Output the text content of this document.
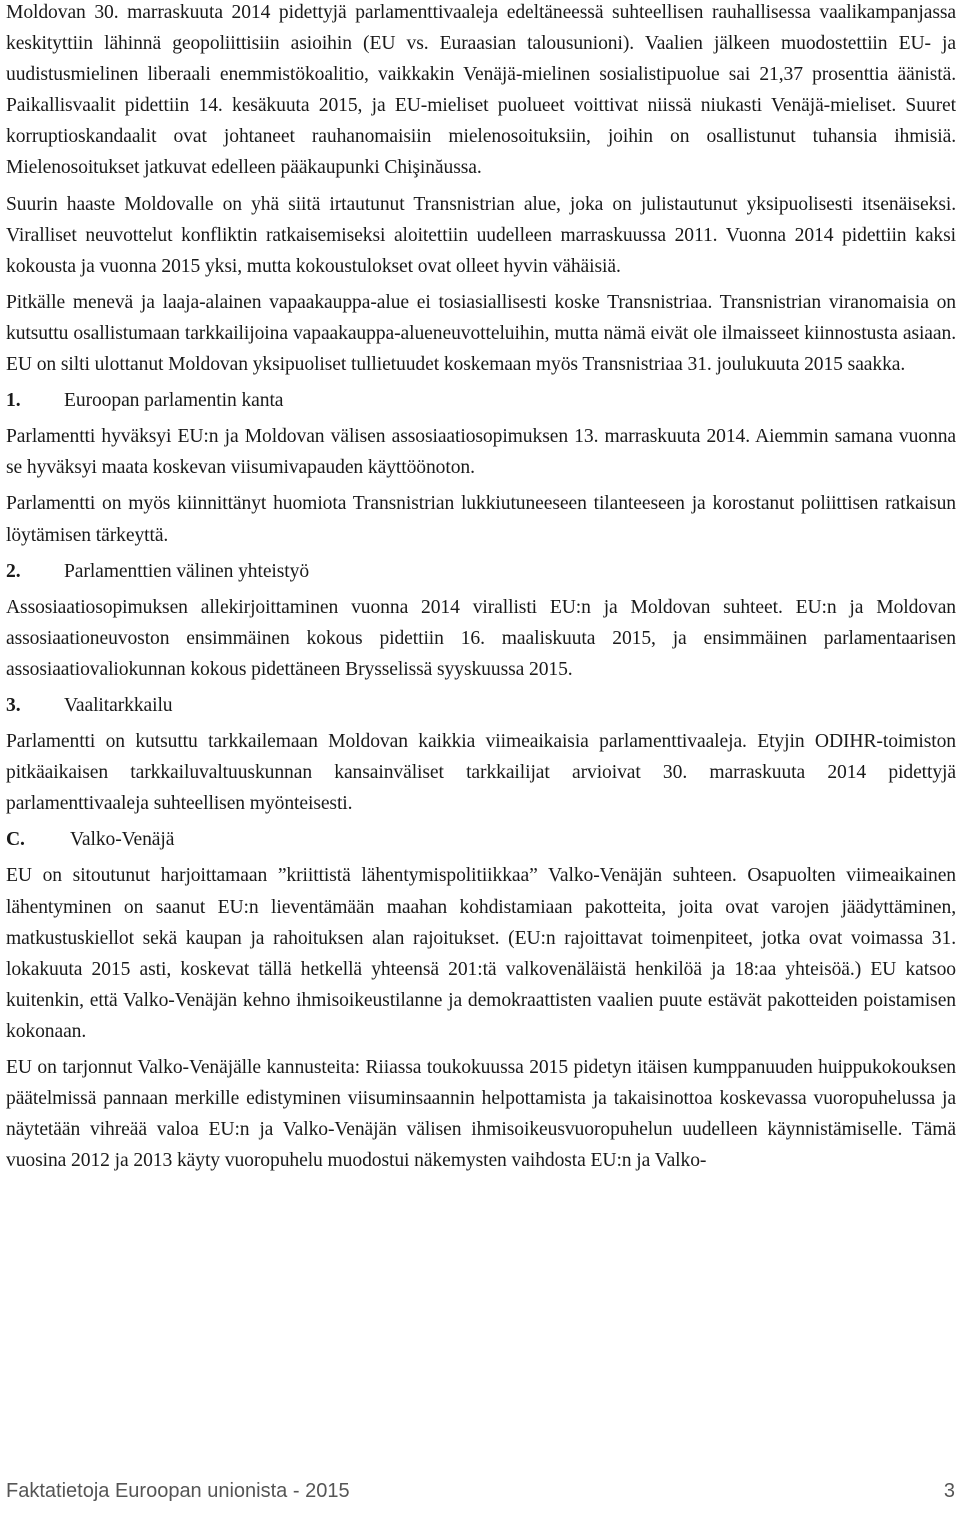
Moldovan 30. marraskuuta 2014 pidettyjä parlamenttivaaleja edeltäneessä suhteellisen rauhallisessa vaalikampanjassa keskityttiin lähinnä geopoliittisiin asioihin (EU vs. Euraasian talousunioni). Vaalien jälkeen muodostettiin EU- ja uudistusmielinen liberaali enemmistökoalitio, vaikkakin Venäjä-mielinen sosialistipuolue sai 21,37 prosenttia äänistä. Paikallisvaalit pidettiin 14. kesäkuuta 2015, ja EU-mieliset puolueet voittivat niissä niukasti Venäjä-mieliset. Suuret korruptioskandaalit ovat johtaneet rauhanomaisiin mielenosoituksiin, joihin on osallistunut tuhansia ihmisiä. Mielenosoitukset jatkuvat edelleen pääkaupunki Chişinăussa.

Suurin haaste Moldovalle on yhä siitä irtautunut Transnistrian alue, joka on julistautunut yksipuolisesti itsenäiseksi. Viralliset neuvottelut konfliktin ratkaisemiseksi aloitettiin uudelleen marraskuussa 2011. Vuonna 2014 pidettiin kaksi kokousta ja vuonna 2015 yksi, mutta kokoustulokset ovat olleet hyvin vähäisiä.

Pitkälle menevä ja laaja-alainen vapaakauppa-alue ei tosiasiallisesti koske Transnistriaa. Transnistrian viranomaisia on kutsuttu osallistumaan tarkkailijoina vapaakauppa-alueneuvotteluihin, mutta nämä eivät ole ilmaisseet kiinnostusta asiaan. EU on silti ulottanut Moldovan yksipuoliset tullietuudet koskemaan myös Transnistriaa 31. joulukuuta 2015 saakka.

1.	Euroopan parlamentin kanta

Parlamentti hyväksyi EU:n ja Moldovan välisen assosiaatiosopimuksen 13. marraskuuta 2014. Aiemmin samana vuonna se hyväksyi maata koskevan viisumivapauden käyttöönoton.

Parlamentti on myös kiinnittänyt huomiota Transnistrian lukkiutuneeseen tilanteeseen ja korostanut poliittisen ratkaisun löytämisen tärkeyttä.

2.	Parlamenttien välinen yhteistyö

Assosiaatiosopimuksen allekirjoittaminen vuonna 2014 virallisti EU:n ja Moldovan suhteet. EU:n ja Moldovan assosiaationeuvoston ensimmäinen kokous pidettiin 16. maaliskuuta 2015, ja ensimmäinen parlamentaarisen assosiaatiovaliokunnan kokous pidettäneen Brysselissä syyskuussa 2015.

3.	Vaalitarkkailu

Parlamentti on kutsuttu tarkkailemaan Moldovan kaikkia viimeaikaisia parlamenttivaaleja. Etyjin ODIHR-toimiston pitkäaikaisen tarkkailuvaltuuskunnan kansainväliset tarkkailijat arvioivat 30. marraskuuta 2014 pidettyjä parlamenttivaaleja suhteellisen myönteisesti.

C.	Valko-Venäjä

EU on sitoutunut harjoittamaan ”kriittistä lähentymispolitiikkaa” Valko-Venäjän suhteen. Osapuolten viimeaikainen lähentyminen on saanut EU:n lieventämään maahan kohdistamiaan pakotteita, joita ovat varojen jäädyttäminen, matkustuskiellot sekä kaupan ja rahoituksen alan rajoitukset. (EU:n rajoittavat toimenpiteet, jotka ovat voimassa 31. lokakuuta 2015 asti, koskevat tällä hetkellä yhteensä 201:tä valkovenäläistä henkilöä ja 18:aa yhteisöä.) EU katsoo kuitenkin, että Valko-Venäjän kehno ihmisoikeustilanne ja demokraattisten vaalien puute estävät pakotteiden poistamisen kokonaan.

EU on tarjonnut Valko-Venäjälle kannusteita: Riiassa toukokuussa 2015 pidetyn itäisen kumppanuuden huippukokouksen päätelmissä pannaan merkille edistyminen viisuminsaannin helpottamista ja takaisinottoa koskevassa vuoropuhelussa ja näytetään vihreää valoa EU:n ja Valko-Venäjän välisen ihmisoikeusvuoropuhelun uudelleen käynnistämiselle. Tämä vuosina 2012 ja 2013 käyty vuoropuhelu muodostui näkemysten vaihdosta EU:n ja Valko-

Faktatietoja Euroopan unionista - 2015	3
